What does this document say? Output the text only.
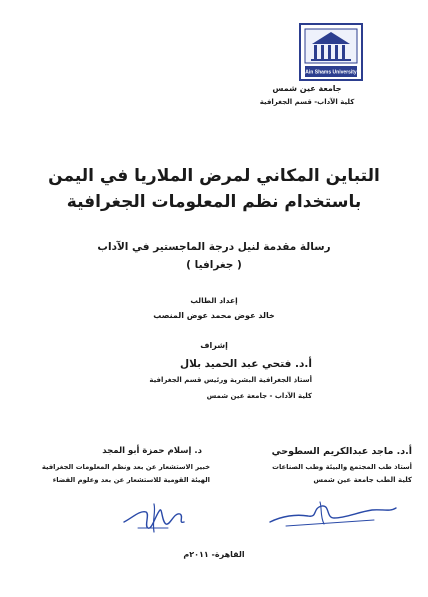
Ain Shams University
جامعة عين شمس
كلية الآداب- قسم الجغرافية
التباين المكاني لمرض الملاريا في اليمن
باستخدام نظم المعلومات الجغرافية
رسالة مقدمة لنيل درجة الماجستير في الآداب
( جغرافيا )
إعداد الطالب
خالد عوض محمد عوض المنصب
إشراف
أ.د. فتحي عبد الحميد بلال
أستاذ الجغرافية البشرية ورئيس قسم الجغرافية
كلية الآداب - جامعة عين شمس
أ.د. ماجد عبدالكريم السطوحي
أستاذ طب المجتمع والبيئة وطب الصناعات
كلية الطب جامعة عين شمس
د. إسلام حمزة أبو المجد
خبير الاستشعار عن بعد ونظم المعلومات الجغرافية
الهيئة القومية للاستشعار عن بعد وعلوم الفضاء
القاهرة- ٢٠١١م
